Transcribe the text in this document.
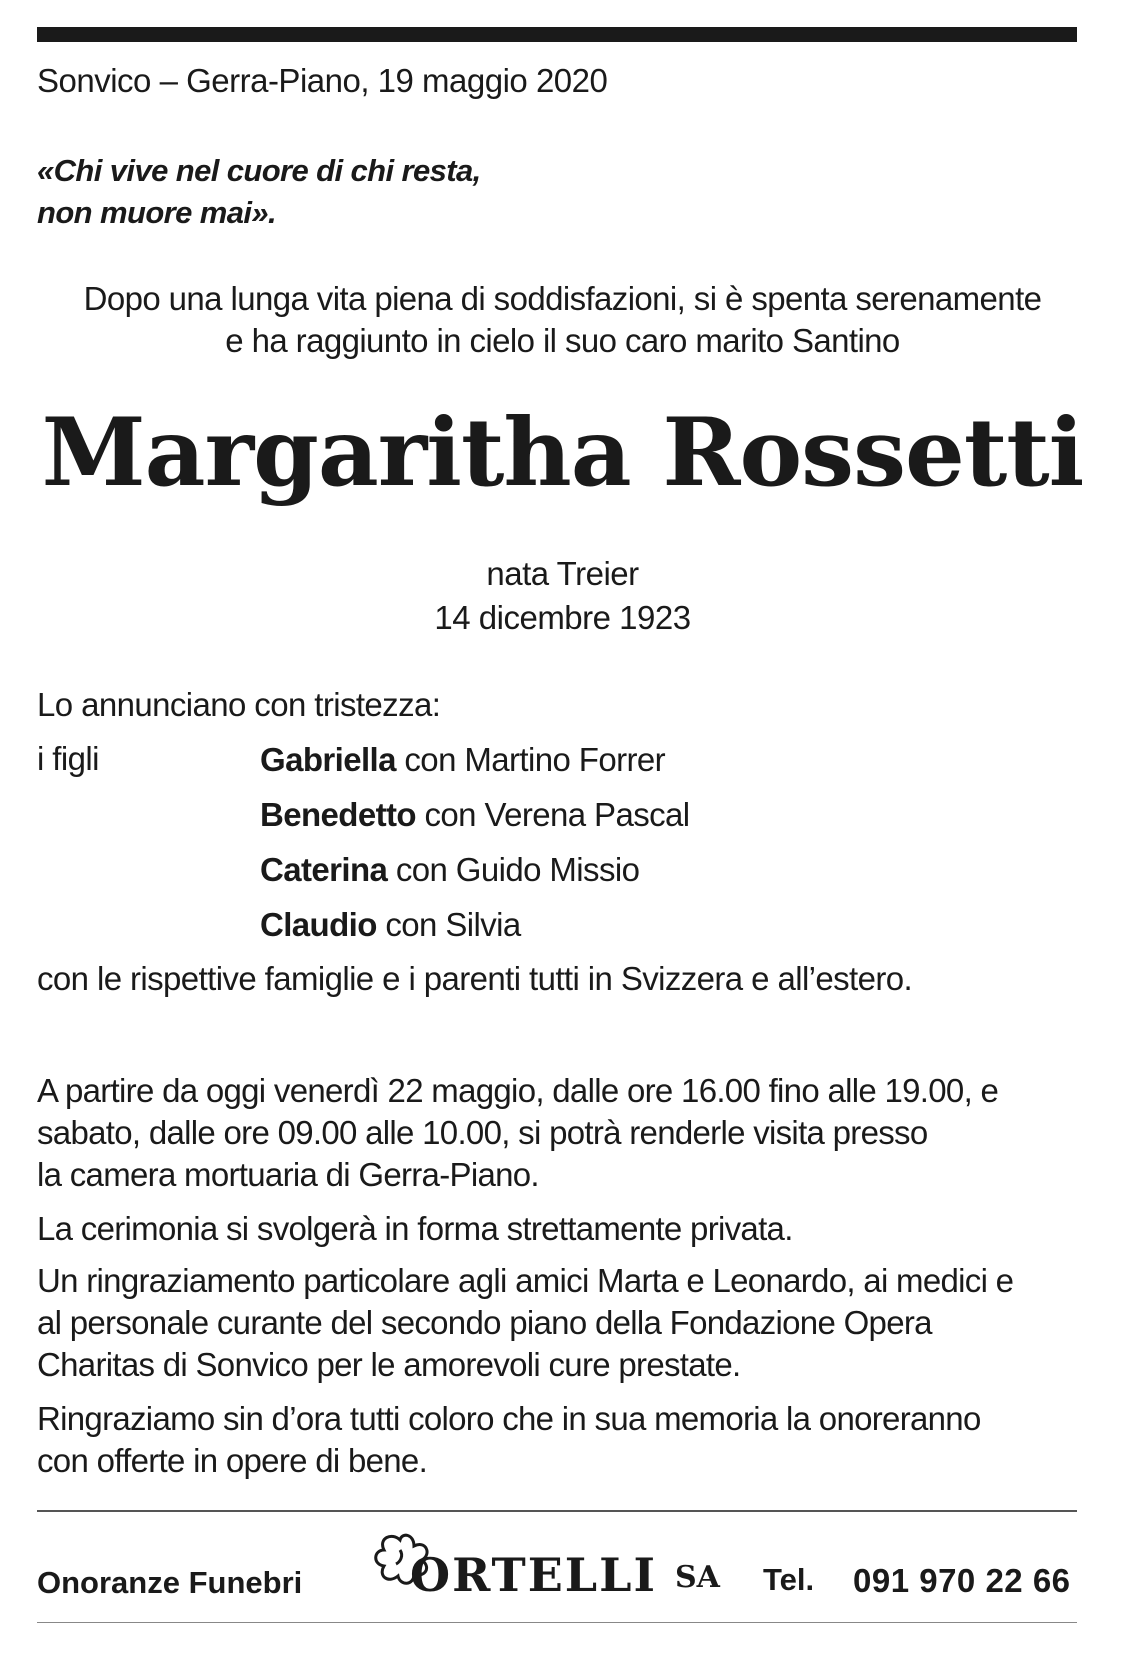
Sonvico – Gerra-Piano, 19 maggio 2020
«Chi vive nel cuore di chi resta,
non muore mai».
Dopo una lunga vita piena di soddisfazioni, si è spenta serenamente
e ha raggiunto in cielo il suo caro marito Santino
Margaritha Rossetti
nata Treier
14 dicembre 1923
Lo annunciano con tristezza:
i figli	Gabriella con Martino Forrer
Benedetto con Verena Pascal
Caterina con Guido Missio
Claudio con Silvia
con le rispettive famiglie e i parenti tutti in Svizzera e all’estero.
A partire da oggi venerdì 22 maggio, dalle ore 16.00 fino alle 19.00, e
sabato, dalle ore 09.00 alle 10.00, si potrà renderle visita presso
la camera mortuaria di Gerra-Piano.
La cerimonia si svolgerà in forma strettamente privata.
Un ringraziamento particolare agli amici Marta e Leonardo, ai medici e
al personale curante del secondo piano della Fondazione Opera
Charitas di Sonvico per le amorevoli cure prestate.
Ringraziamo sin d’ora tutti coloro che in sua memoria la onoreranno
con offerte in opere di bene.
Onoranze Funebri ORTELLI SA Tel. 091 970 22 66
